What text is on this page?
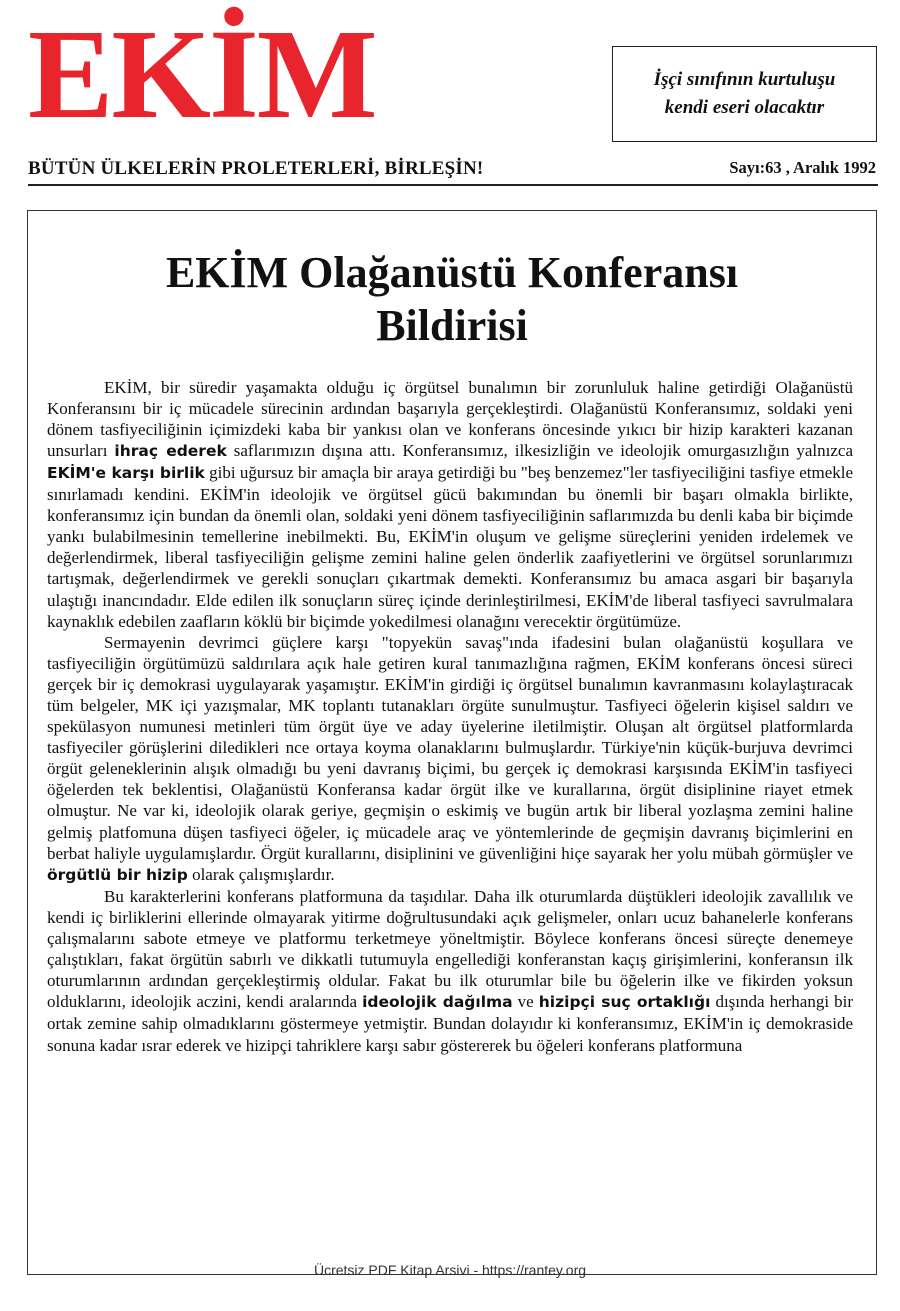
EKİM	İşçi sınıfının kurtuluşu
kendi eseri olacaktır
BÜTÜN ÜLKELERİN PROLETERLERİ, BİRLEŞİN!	Sayı:63 , Aralık 1992
EKİM Olağanüstü Konferansı
Bildirisi

EKİM, bir süredir yaşamakta olduğu iç örgütsel bunalımın bir zorunluluk haline getirdiği Olağanüstü Konferansını bir iç mücadele sürecinin ardından başarıyla gerçekleştirdi. Olağanüstü Konferansımız, soldaki yeni dönem tasfiyeciliğinin içimizdeki kaba bir yankısı olan ve konferans öncesinde yıkıcı bir hizip karakteri kazanan unsurları ihraç ederek saflarımızın dışına attı. Konferansımız, ilkesizliğin ve ideolojik omurgasızlığın yalnızca EKİM'e karşı birlik gibi uğursuz bir amaçla bir araya getirdiği bu "beş benzemez"ler tasfiyeciliğini tasfiye etmekle sınırlamadı kendini. EKİM'in ideolojik ve örgütsel gücü bakımından bu önemli bir başarı olmakla birlikte, konferansımız için bundan da önemli olan, soldaki yeni dönem tasfiyeciliğinin saflarımızda bu denli kaba bir biçimde yankı bulabilmesinin temellerine inebilmekti. Bu, EKİM'in oluşum ve gelişme süreçlerini yeniden irdelemek ve değerlendirmek, liberal tasfiyeciliğin gelişme zemini haline gelen önderlik zaafiyetlerini ve örgütsel sorunlarımızı tartışmak, değerlendirmek ve gerekli sonuçları çıkartmak demekti. Konferansımız bu amaca asgari bir başarıyla ulaştığı inancındadır. Elde edilen ilk sonuçların süreç içinde derinleştirilmesi, EKİM'de liberal tasfiyeci savrulmalara kaynaklık edebilen zaafların köklü bir biçimde yokedilmesi olanağını verecektir örgütümüze.

Sermayenin devrimci güçlere karşı "topyekün savaş"ında ifadesini bulan olağanüstü koşullara ve tasfiyeciliğin örgütümüzü saldırılara açık hale getiren kural tanımazlığına rağmen, EKİM konferans öncesi süreci gerçek bir iç demokrasi uygulayarak yaşamıştır. EKİM'in girdiği iç örgütsel bunalımın kavranmasını kolaylaştıracak tüm belgeler, MK içi yazışmalar, MK toplantı tutanakları örgüte sunulmuştur. Tasfiyeci öğelerin kişisel saldırı ve spekülasyon numunesi metinleri tüm örgüt üye ve aday üyelerine iletilmiştir. Oluşan alt örgütsel platformlarda tasfiyeciler görüşlerini diledikleri nce ortaya koyma olanaklarını bulmuşlardır. Türkiye'nin küçük-burjuva devrimci örgüt geleneklerinin alışık olmadığı bu yeni davranış biçimi, bu gerçek iç demokrasi karşısında EKİM'in tasfiyeci öğelerden tek beklentisi, Olağanüstü Konferansa kadar örgüt ilke ve kurallarına, örgüt disiplinine riayet etmek olmuştur. Ne var ki, ideolojik olarak geriye, geçmişin o eskimiş ve bugün artık bir liberal yozlaşma zemini haline gelmiş platfomuna düşen tasfiyeci öğeler, iç mücadele araç ve yöntemlerinde de geçmişin davranış biçimlerini en berbat haliyle uygulamışlardır. Örgüt kurallarını, disiplinini ve güvenliğini hiçe sayarak her yolu mübah görmüşler ve örgütlü bir hizip olarak çalışmışlardır.

Bu karakterlerini konferans platformuna da taşıdılar. Daha ilk oturumlarda düştükleri ideolojik zavallılık ve kendi iç birliklerini ellerinde olmayarak yitirme doğrultusundaki açık gelişmeler, onları ucuz bahanelerle konferans çalışmalarını sabote etmeye ve platformu terketmeye yöneltmiştir. Böylece konferans öncesi süreçte denemeye çalıştıkları, fakat örgütün sabırlı ve dikkatli tutumuyla engellediği konferanstan kaçış girişimlerini, konferansın ilk oturumlarının ardından gerçekleştirmiş oldular. Fakat bu ilk oturumlar bile bu öğelerin ilke ve fikirden yoksun olduklarını, ideolojik aczini, kendi aralarında ideolojik dağılma ve hizipçi suç ortaklığı dışında herhangi bir ortak zemine sahip olmadıklarını göstermeye yetmiştir. Bundan dolayıdır ki konferansımız, EKİM'in iç demokraside sonuna kadar ısrar ederek ve hizipçi tahriklere karşı sabır göstererek bu öğeleri konferans platformuna

Ücretsiz PDF Kitap Arsivi - https://rantey.org
